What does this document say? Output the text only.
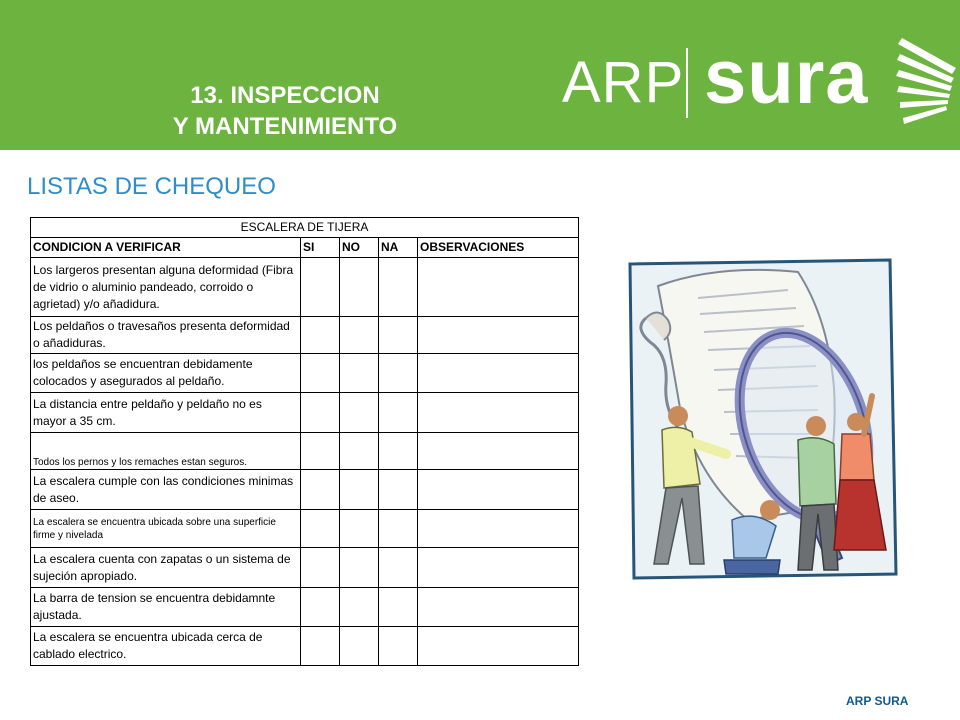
13. INSPECCION
Y MANTENIMIENTO
ARP sura
LISTAS DE CHEQUEO
ESCALERA DE TIJERA				
CONDICION A VERIFICAR	SI	NO	NA	OBSERVACIONES
Los largeros presentan alguna deformidad (Fibra de vidrio o aluminio pandeado, corroido o agrietad) y/o añadidura.				
Los peldaños o travesaños presenta deformidad o añadiduras.				
los peldaños se encuentran debidamente colocados y asegurados al peldaño.				
La distancia entre peldaño y peldaño no es mayor a 35 cm.				
Todos los pernos y los remaches estan seguros.				
La escalera cumple con las condiciones minimas de aseo.				
La escalera se encuentra ubicada sobre una superficie firme y nivelada				
La escalera cuenta con zapatas o un sistema de sujeción apropiado.				
La barra de tension se encuentra debidamnte ajustada.				
La escalera se encuentra ubicada cerca de cablado electrico.				
ARP SURA
